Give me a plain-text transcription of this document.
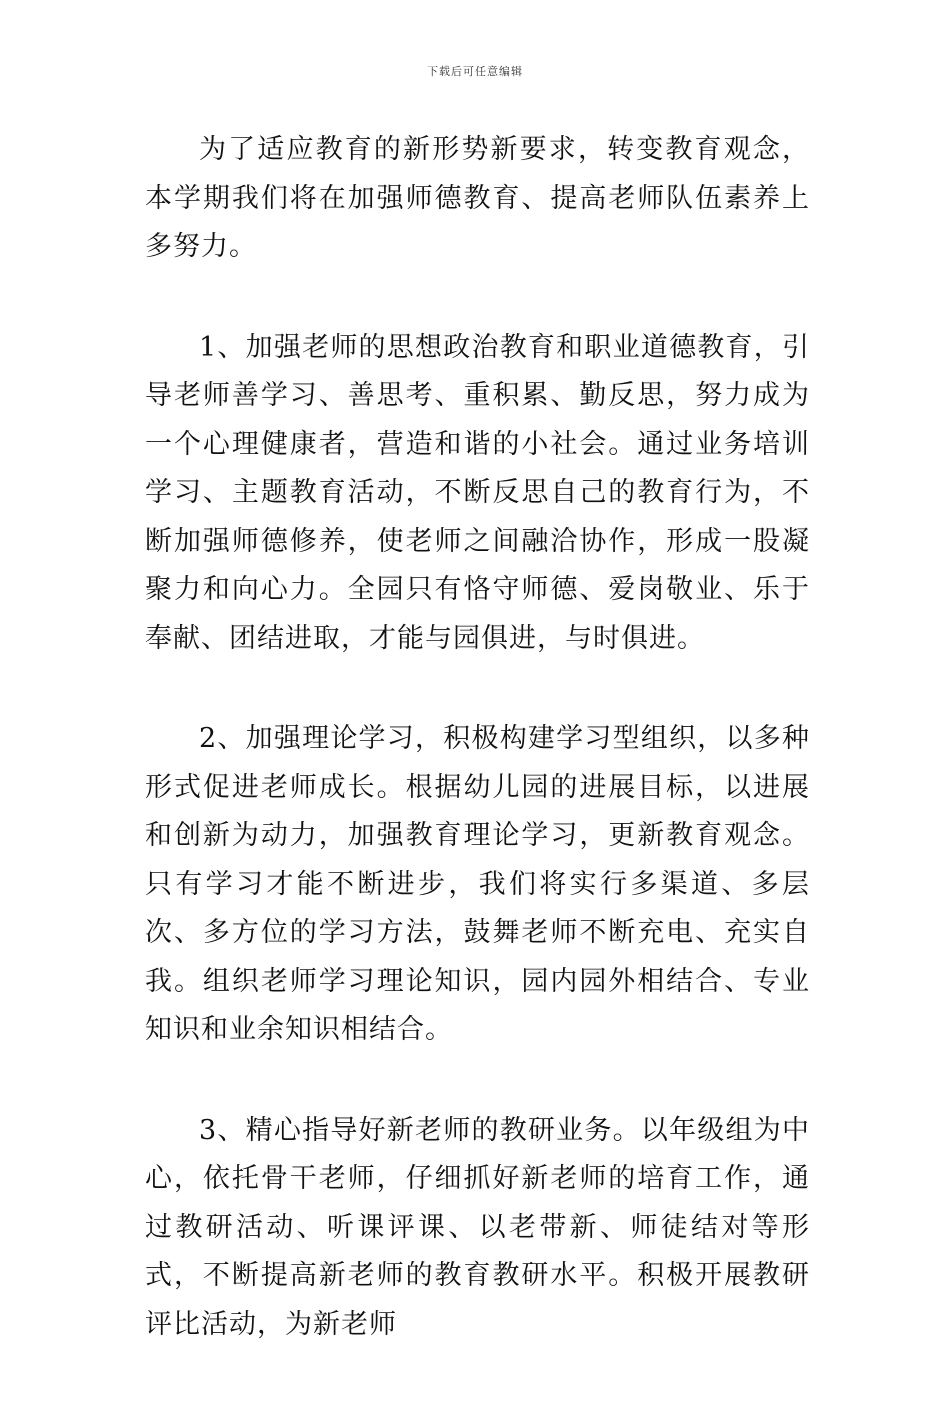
下载后可任意编辑

为了适应教育的新形势新要求，转变教育观念，本学期我们将在加强师德教育、提高老师队伍素养上多努力。

1、加强老师的思想政治教育和职业道德教育，引导老师善学习、善思考、重积累、勤反思，努力成为一个心理健康者，营造和谐的小社会。通过业务培训学习、主题教育活动，不断反思自己的教育行为，不断加强师德修养，使老师之间融洽协作，形成一股凝聚力和向心力。全园只有恪守师德、爱岗敬业、乐于奉献、团结进取，才能与园俱进，与时俱进。

2、加强理论学习，积极构建学习型组织，以多种形式促进老师成长。根据幼儿园的进展目标，以进展和创新为动力，加强教育理论学习，更新教育观念。只有学习才能不断进步，我们将实行多渠道、多层次、多方位的学习方法，鼓舞老师不断充电、充实自我。组织老师学习理论知识，园内园外相结合、专业知识和业余知识相结合。

3、精心指导好新老师的教研业务。以年级组为中心，依托骨干老师，仔细抓好新老师的培育工作，通过教研活动、听课评课、以老带新、师徒结对等形式，不断提高新老师的教育教研水平。积极开展教研评比活动，为新老师
